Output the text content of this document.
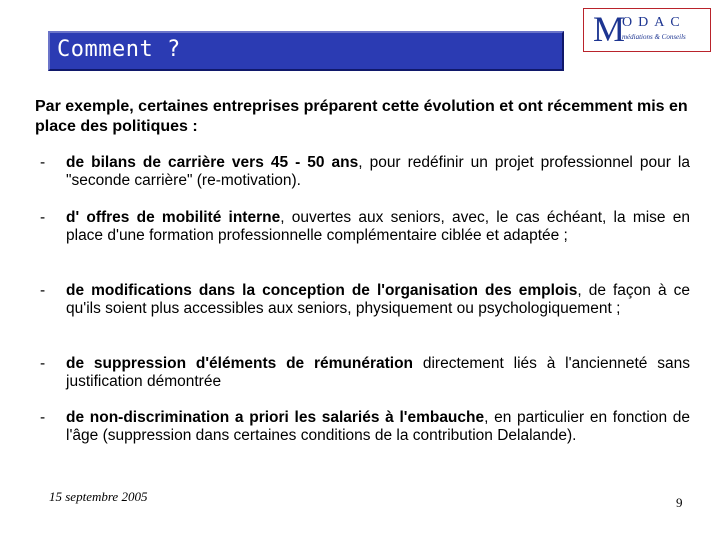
Comment ?
M
ODAC
médiations & Conseils
Par exemple, certaines entreprises préparent cette évolution et ont récemment mis en place des politiques :

- de bilans de carrière vers 45 - 50 ans, pour redéfinir un projet professionnel pour la "seconde carrière" (re-motivation).

- d' offres de mobilité interne, ouvertes aux seniors, avec, le cas échéant, la mise en place d'une formation professionnelle complémentaire ciblée et adaptée ;

- de modifications dans la conception de l'organisation des emplois, de façon à ce qu'ils soient plus accessibles aux seniors, physiquement ou psychologiquement ;

- de suppression d'éléments de rémunération directement liés à l'ancienneté sans justification démontrée

- de non-discrimination a priori les salariés à l'embauche, en particulier en fonction de l'âge (suppression dans certaines conditions de la contribution Delalande).

15 septembre 2005	9
